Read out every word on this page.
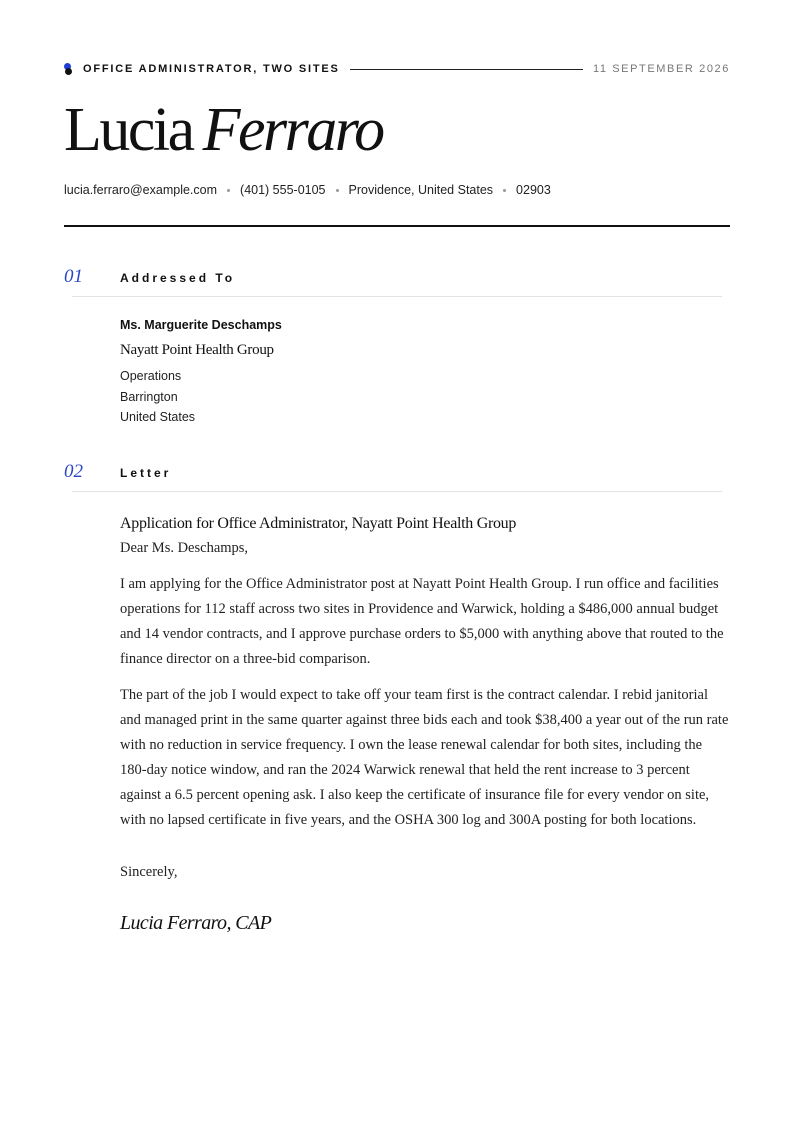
OFFICE ADMINISTRATOR, TWO SITES	11 SEPTEMBER 2026
Lucia Ferraro
lucia.ferraro@example.com (401) 555-0105 Providence, United States 02903
01	Addressed To
Ms. Marguerite Deschamps
Nayatt Point Health Group
Operations
Barrington
United States
02	Letter
Application for Office Administrator, Nayatt Point Health Group
Dear Ms. Deschamps,

I am applying for the Office Administrator post at Nayatt Point Health Group. I run office and facilities operations for 112 staff across two sites in Providence and Warwick, holding a $486,000 annual budget and 14 vendor contracts, and I approve purchase orders to $5,000 with anything above that routed to the finance director on a three-bid comparison.

The part of the job I would expect to take off your team first is the contract calendar. I rebid janitorial and managed print in the same quarter against three bids each and took $38,400 a year out of the run rate with no reduction in service frequency. I own the lease renewal calendar for both sites, including the 180-day notice window, and ran the 2024 Warwick renewal that held the rent increase to 3 percent against a 6.5 percent opening ask. I also keep the certificate of insurance file for every vendor on site, with no lapsed certificate in five years, and the OSHA 300 log and 300A posting for both locations.

Sincerely,
Lucia Ferraro, CAP
